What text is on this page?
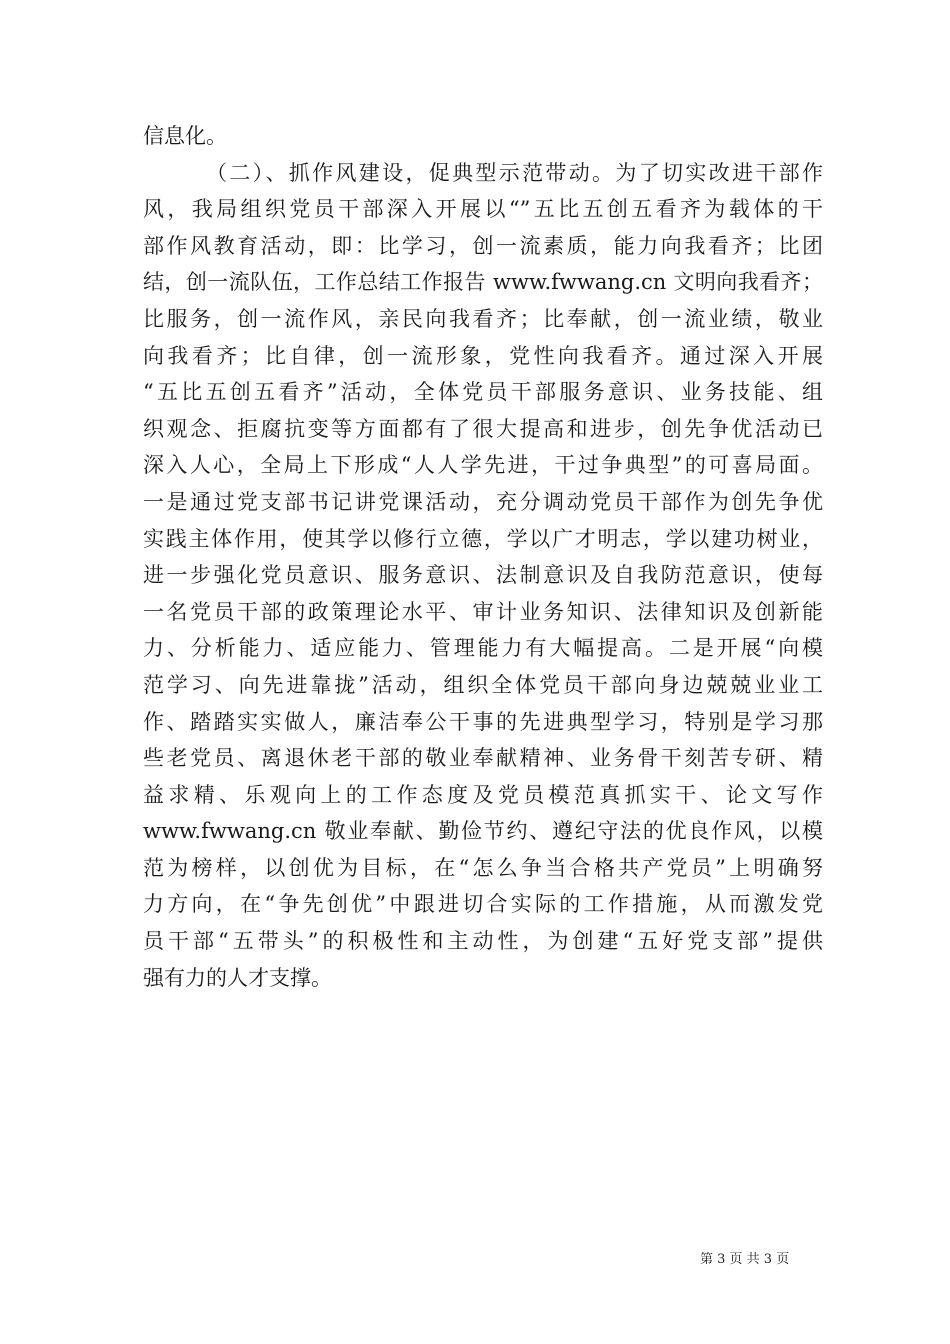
信息化。
（二）、抓作风建设，促典型示范带动。为了切实改进干部作
风，我局组织党员干部深入开展以“”五比五创五看齐为载体的干
部作风教育活动，即：比学习，创一流素质，能力向我看齐；比团
结，创一流队伍，工作总结工作报告 www.fwwang.cn 文明向我看齐；
比服务，创一流作风，亲民向我看齐；比奉献，创一流业绩，敬业
向我看齐；比自律，创一流形象，党性向我看齐。通过深入开展
“五比五创五看齐”活动，全体党员干部服务意识、业务技能、组
织观念、拒腐抗变等方面都有了很大提高和进步，创先争优活动已
深入人心，全局上下形成“人人学先进，干过争典型”的可喜局面。
一是通过党支部书记讲党课活动，充分调动党员干部作为创先争优
实践主体作用，使其学以修行立德，学以广才明志，学以建功树业，
进一步强化党员意识、服务意识、法制意识及自我防范意识，使每
一名党员干部的政策理论水平、审计业务知识、法律知识及创新能
力、分析能力、适应能力、管理能力有大幅提高。二是开展“向模
范学习、向先进靠拢”活动，组织全体党员干部向身边兢兢业业工
作、踏踏实实做人，廉洁奉公干事的先进典型学习，特别是学习那
些老党员、离退休老干部的敬业奉献精神、业务骨干刻苦专研、精
益求精、乐观向上的工作态度及党员模范真抓实干、论文写作
www.fwwang.cn 敬业奉献、勤俭节约、遵纪守法的优良作风，以模
范为榜样，以创优为目标，在“怎么争当合格共产党员”上明确努
力方向，在“争先创优”中跟进切合实际的工作措施，从而激发党
员干部“五带头”的积极性和主动性，为创建“五好党支部”提供
强有力的人才支撑。
第 3 页 共 3 页
